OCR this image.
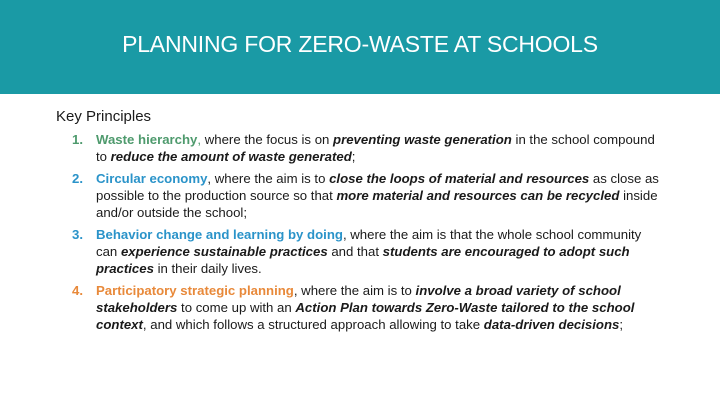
PLANNING FOR ZERO-WASTE AT SCHOOLS
Key Principles
1. Waste hierarchy, where the focus is on preventing waste generation in the school compound to reduce the amount of waste generated;
2. Circular economy, where the aim is to close the loops of material and resources as close as possible to the production source so that more material and resources can be recycled inside and/or outside the school;
3. Behavior change and learning by doing, where the aim is that the whole school community can experience sustainable practices and that students are encouraged to adopt such practices in their daily lives.
4. Participatory strategic planning, where the aim is to involve a broad variety of school stakeholders to come up with an Action Plan towards Zero-Waste tailored to the school context, and which follows a structured approach allowing to take data-driven decisions;
